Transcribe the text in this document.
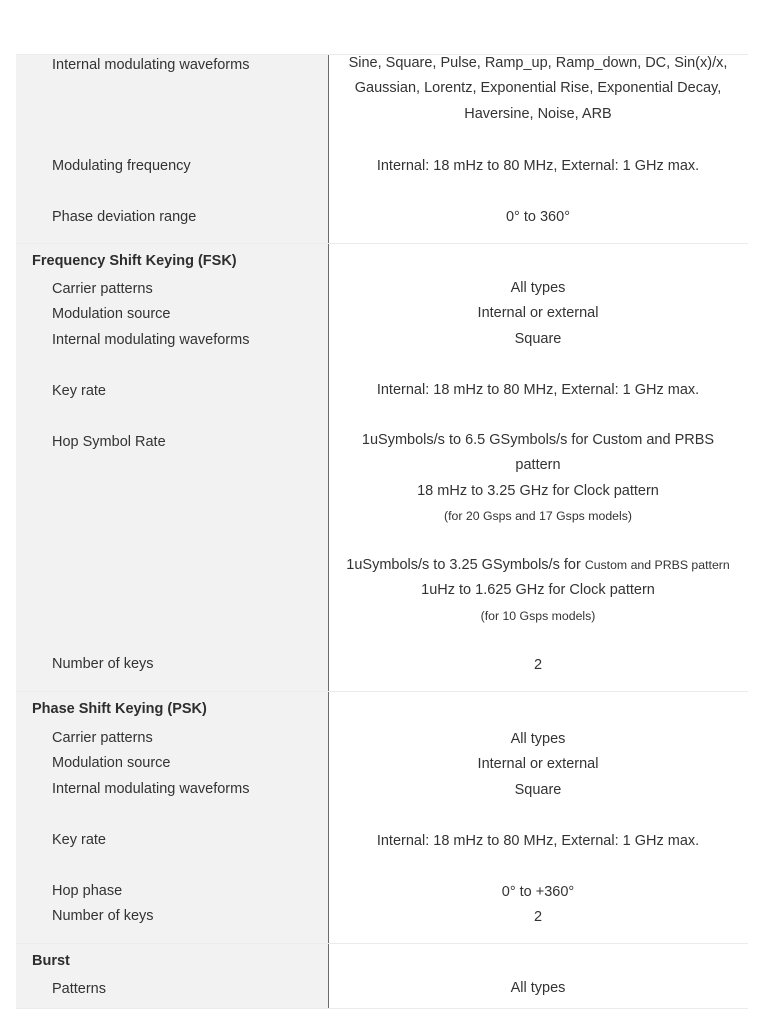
Internal modulating waveforms	Sine, Square, Pulse, Ramp_up, Ramp_down, DC, Sin(x)/x,
Gaussian, Lorentz, Exponential Rise, Exponential Decay,
Haversine, Noise, ARB
Modulating frequency	Internal: 18 mHz to 80 MHz, External: 1 GHz max.
Phase deviation range	0° to 360°
Frequency Shift Keying (FSK)
Carrier patterns	All types
Modulation source	Internal or external
Internal modulating waveforms	Square
Key rate	Internal: 18 mHz to 80 MHz, External: 1 GHz max.
Hop Symbol Rate	1uSymbols/s to 6.5 GSymbols/s for Custom and PRBS
pattern
18 mHz to 3.25 GHz for Clock pattern
(for 20 Gsps and 17 Gsps models)
1uSymbols/s to 3.25 GSymbols/s for Custom and PRBS pattern
1uHz to 1.625 GHz for Clock pattern
(for 10 Gsps models)
Number of keys	2
Phase Shift Keying (PSK)
Carrier patterns	All types
Modulation source	Internal or external
Internal modulating waveforms	Square
Key rate	Internal: 18 mHz to 80 MHz, External: 1 GHz max.
Hop phase	0° to +360°
Number of keys	2
Burst
Patterns	All types
